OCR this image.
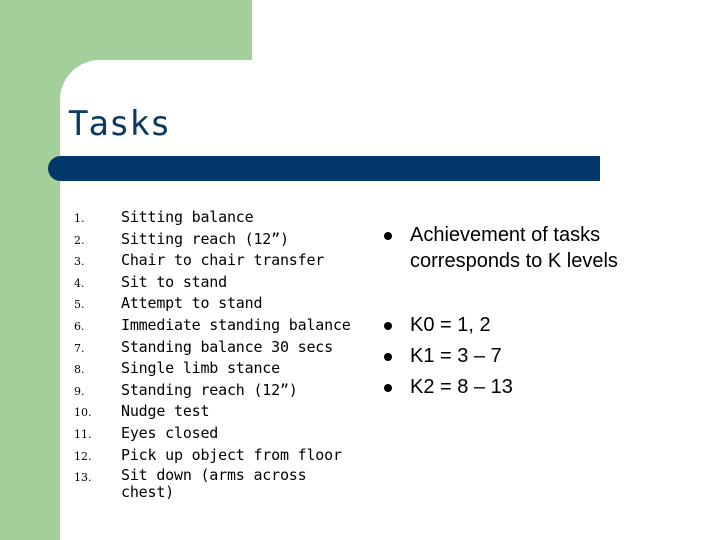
Tasks
1. Sitting balance
2. Sitting reach (12”)
3. Chair to chair transfer
4. Sit to stand
5. Attempt to stand
6. Immediate standing balance
7. Standing balance 30 secs
8. Single limb stance
9. Standing reach (12”)
10. Nudge test
11. Eyes closed
12. Pick up object from floor
13. Sit down (arms across chest)
Achievement of tasks
corresponds to K levels
K0 = 1, 2
K1 = 3 – 7
K2 = 8 – 13
